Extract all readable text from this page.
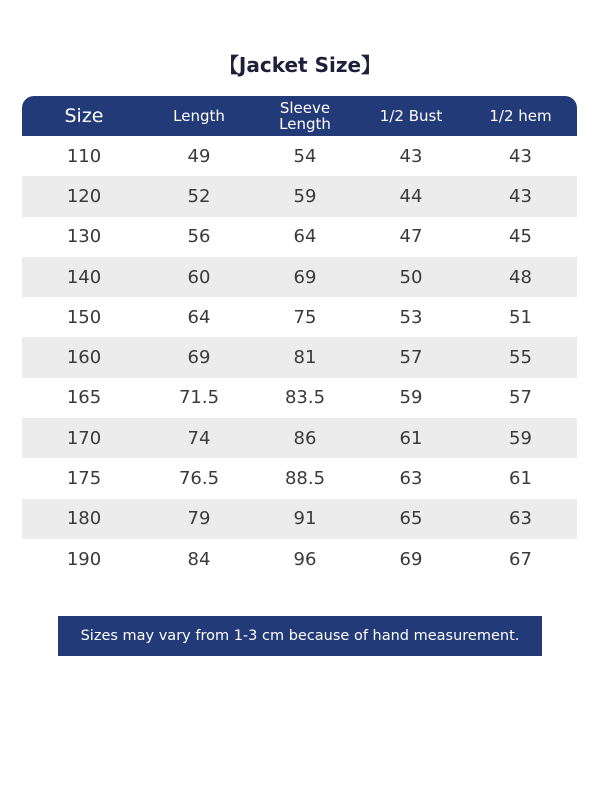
【Jacket Size】
Size	Length	Sleeve Length	1/2 Bust	1/2 hem
110	49	54	43	43
120	52	59	44	43
130	56	64	47	45
140	60	69	50	48
150	64	75	53	51
160	69	81	57	55
165	71.5	83.5	59	57
170	74	86	61	59
175	76.5	88.5	63	61
180	79	91	65	63
190	84	96	69	67
Sizes may vary from 1-3 cm because of hand measurement.
